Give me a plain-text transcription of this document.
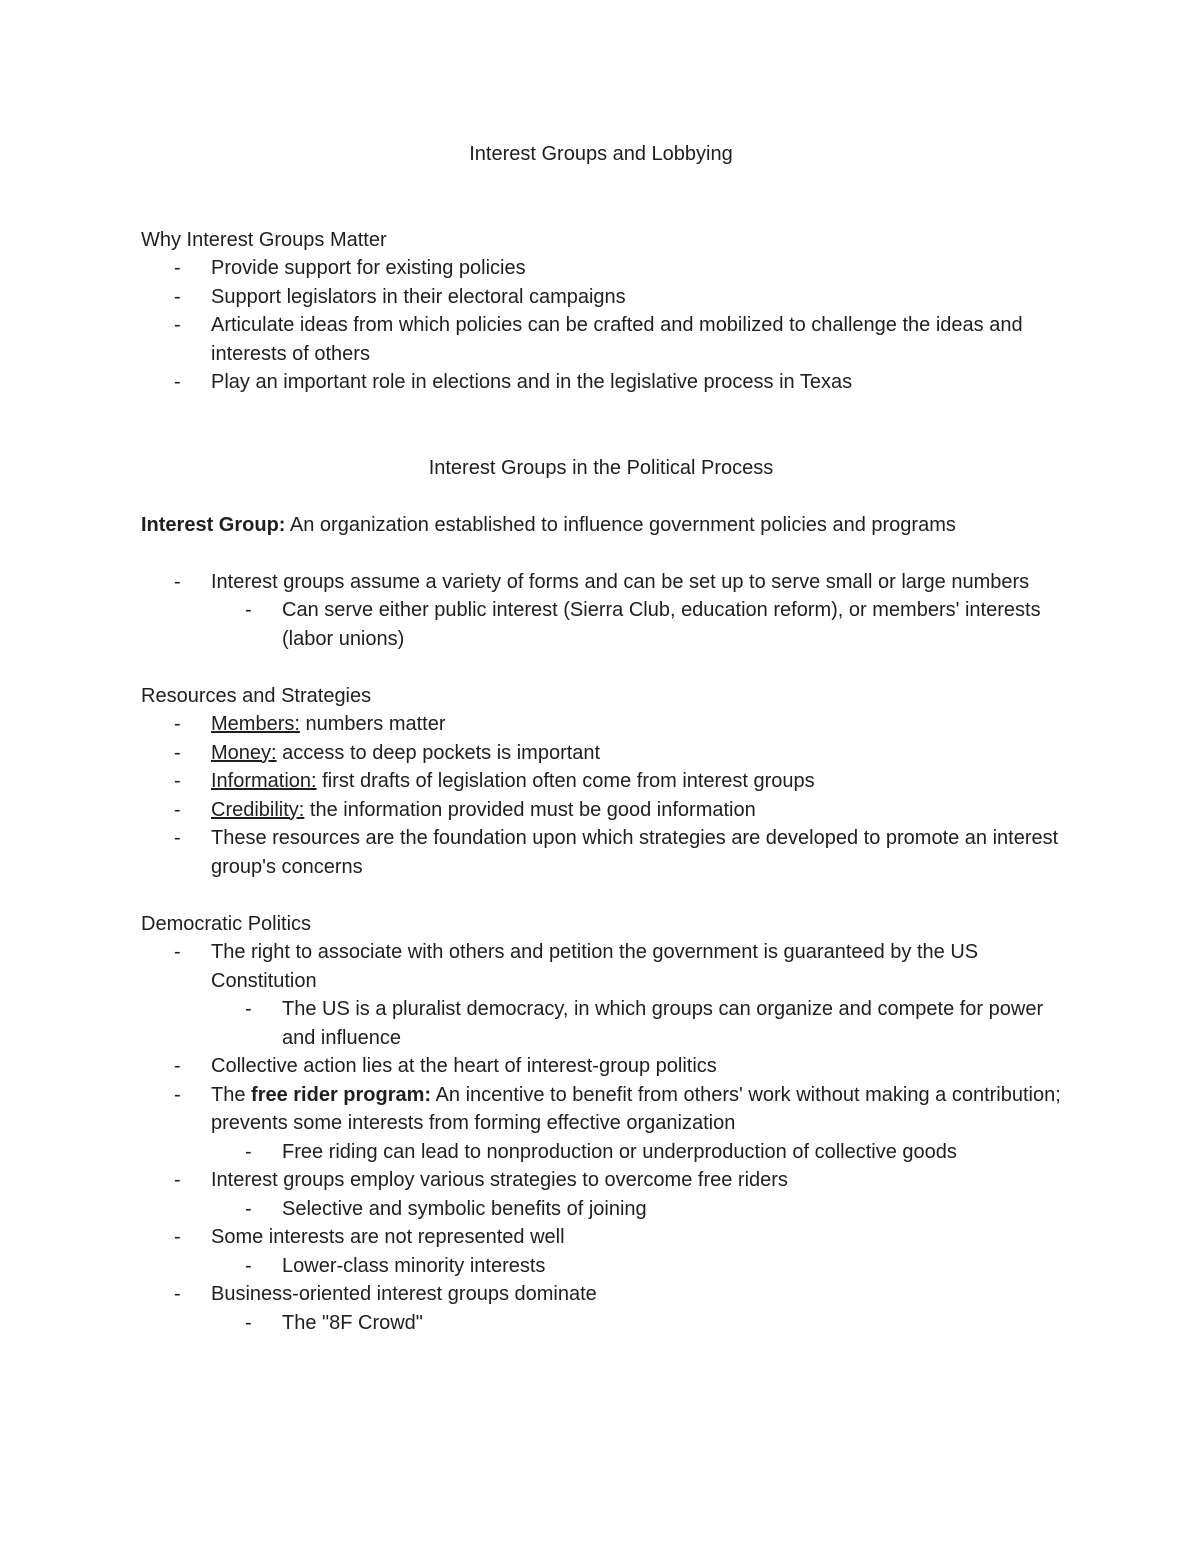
Interest Groups and Lobbying

Why Interest Groups Matter

- Provide support for existing policies
- Support legislators in their electoral campaigns
- Articulate ideas from which policies can be crafted and mobilized to challenge the ideas and interests of others
- Play an important role in elections and in the legislative process in Texas

Interest Groups in the Political Process

Interest Group: An organization established to influence government policies and programs

- Interest groups assume a variety of forms and can be set up to serve small or large numbers
- Can serve either public interest (Sierra Club, education reform), or members' interests (labor unions)

Resources and Strategies

- Members: numbers matter
- Money: access to deep pockets is important
- Information: first drafts of legislation often come from interest groups
- Credibility: the information provided must be good information
- These resources are the foundation upon which strategies are developed to promote an interest group's concerns

Democratic Politics

- The right to associate with others and petition the government is guaranteed by the US Constitution
- The US is a pluralist democracy, in which groups can organize and compete for power and influence
- Collective action lies at the heart of interest-group politics
- The free rider program: An incentive to benefit from others' work without making a contribution; prevents some interests from forming effective organization
- Free riding can lead to nonproduction or underproduction of collective goods
- Interest groups employ various strategies to overcome free riders
- Selective and symbolic benefits of joining
- Some interests are not represented well
- Lower-class minority interests
- Business-oriented interest groups dominate
- The "8F Crowd"
